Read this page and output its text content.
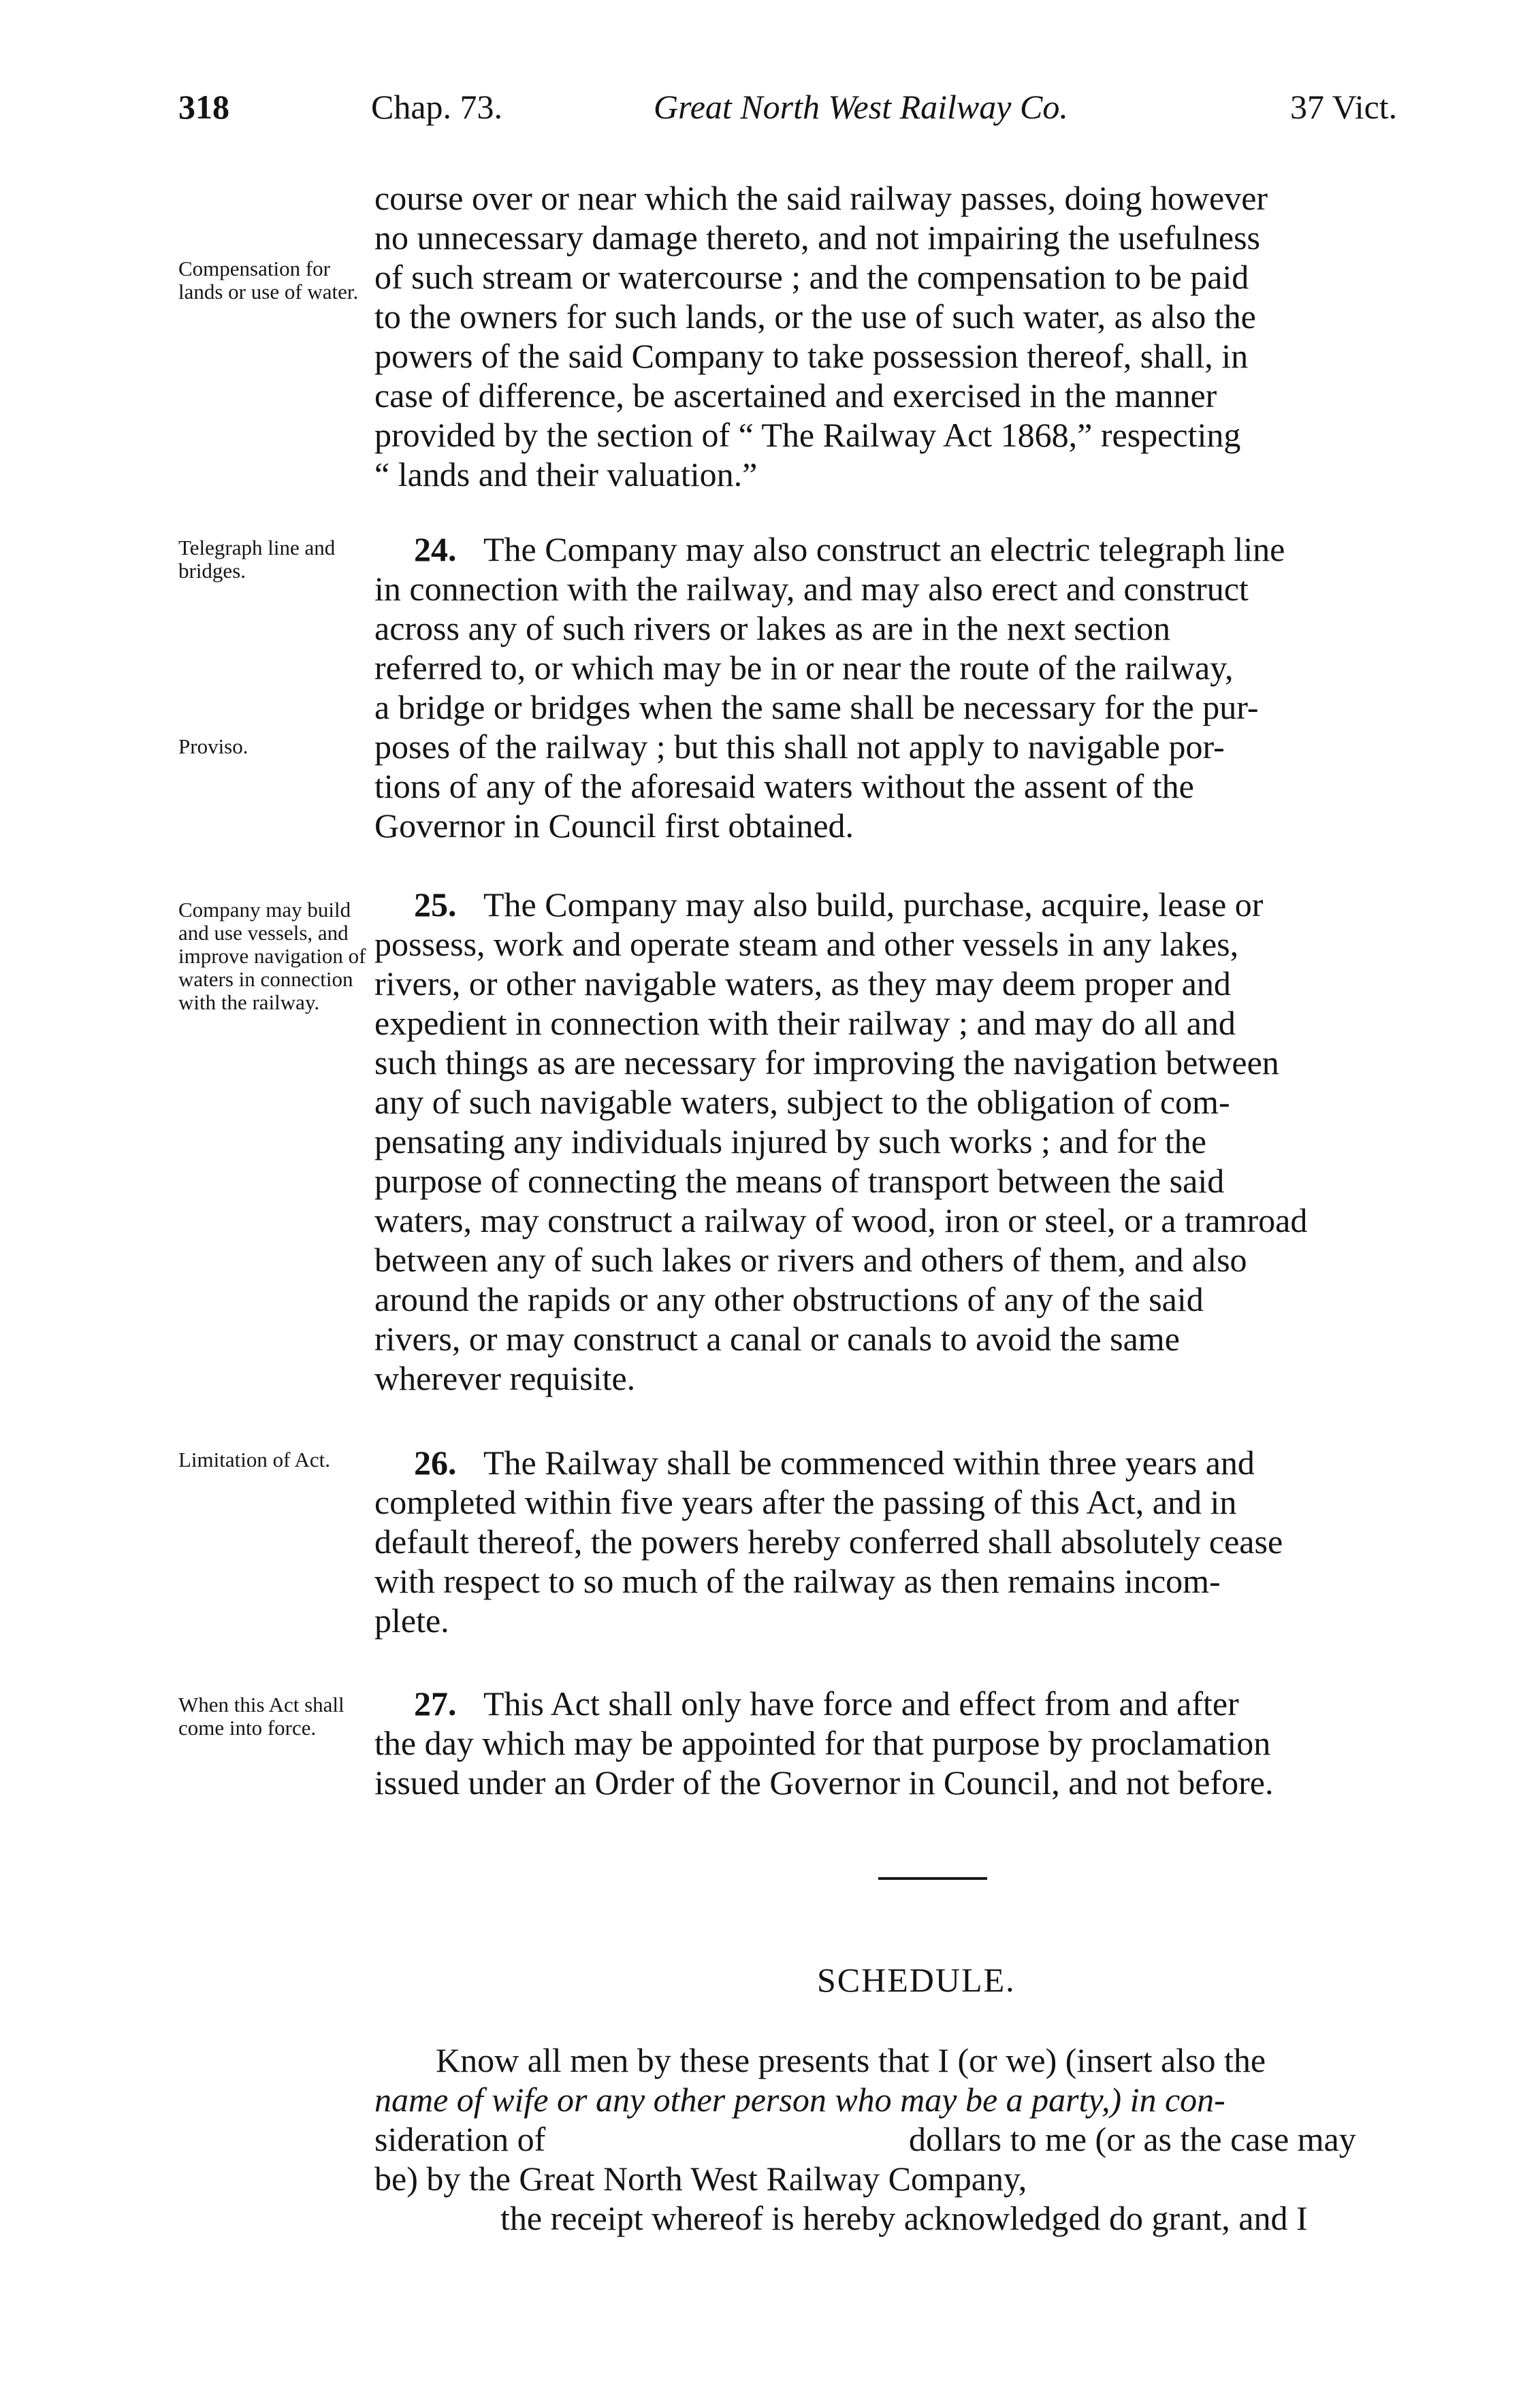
318	Chap. 73.	Great North West Railway Co.	37 Vict.
Compensation for lands or use of water.
course over or near which the said railway passes, doing however
no unnecessary damage thereto, and not impairing the usefulness
of such stream or watercourse ; and the compensation to be paid
to the owners for such lands, or the use of such water, as also the
powers of the said Company to take possession thereof, shall, in
case of difference, be ascertained and exercised in the manner
provided by the section of “ The Railway Act 1868,” respecting
“ lands and their valuation.”
Telegraph line and bridges.
Proviso.
24. The Company may also construct an electric telegraph line
in connection with the railway, and may also erect and construct
across any of such rivers or lakes as are in the next section
referred to, or which may be in or near the route of the railway,
a bridge or bridges when the same shall be necessary for the pur-
poses of the railway ; but this shall not apply to navigable por-
tions of any of the aforesaid waters without the assent of the
Governor in Council first obtained.
Company may build and use vessels, and improve navigation of waters in connection with the railway.
25. The Company may also build, purchase, acquire, lease or
possess, work and operate steam and other vessels in any lakes,
rivers, or other navigable waters, as they may deem proper and
expedient in connection with their railway ; and may do all and
such things as are necessary for improving the navigation between
any of such navigable waters, subject to the obligation of com-
pensating any individuals injured by such works ; and for the
purpose of connecting the means of transport between the said
waters, may construct a railway of wood, iron or steel, or a tramroad
between any of such lakes or rivers and others of them, and also
around the rapids or any other obstructions of any of the said
rivers, or may construct a canal or canals to avoid the same
wherever requisite.
Limitation of Act.	26. The Railway shall be commenced within three years and
completed within five years after the passing of this Act, and in
default thereof, the powers hereby conferred shall absolutely cease
with respect to so much of the railway as then remains incom-
plete.
When this Act shall come into force.
27. This Act shall only have force and effect from and after
the day which may be appointed for that purpose by proclamation
issued under an Order of the Governor in Council, and not before.
SCHEDULE.
Know all men by these presents that I (or we) (insert also the
name of wife or any other person who may be a party,) in con-
sideration of	dollars to me (or as the case may
be) by the Great North West Railway Company,
the receipt whereof is hereby acknowledged do grant, and I
